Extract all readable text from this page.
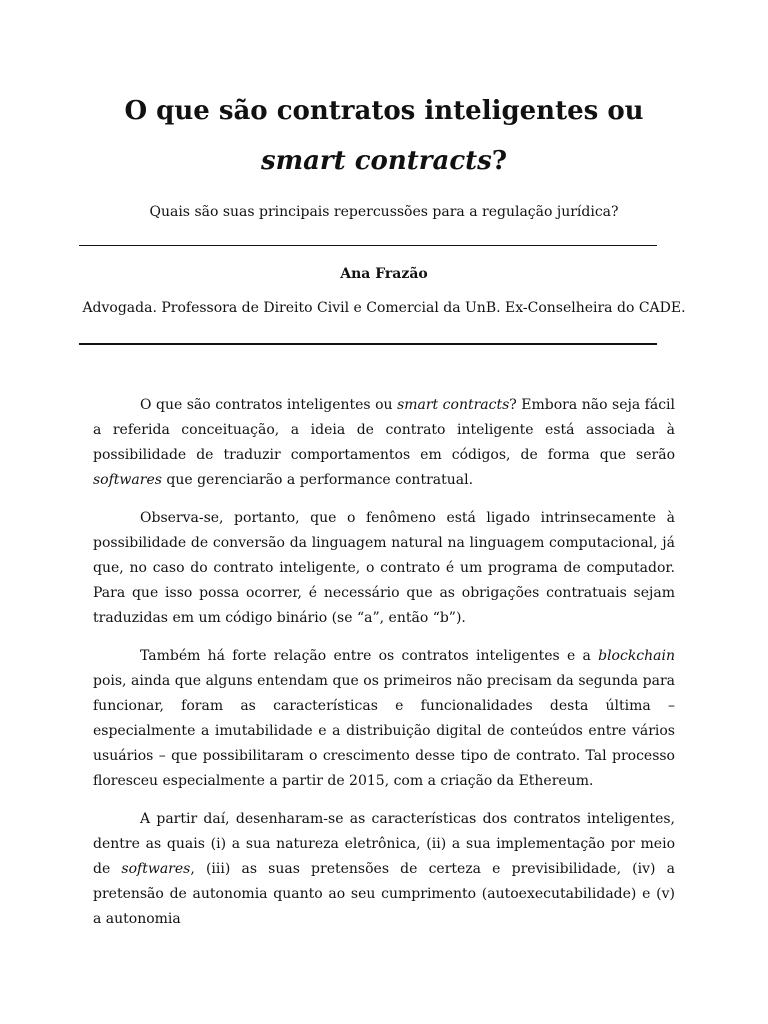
O que são contratos inteligentes ou
smart contracts?

Quais são suas principais repercussões para a regulação jurídica?

Ana Frazão

Advogada. Professora de Direito Civil e Comercial da UnB. Ex-Conselheira do CADE.

O que são contratos inteligentes ou smart contracts? Embora não seja fácil a referida conceituação, a ideia de contrato inteligente está associada à possibilidade de traduzir comportamentos em códigos, de forma que serão softwares que gerenciarão a performance contratual.

Observa-se, portanto, que o fenômeno está ligado intrinsecamente à possibilidade de conversão da linguagem natural na linguagem computacional, já que, no caso do contrato inteligente, o contrato é um programa de computador. Para que isso possa ocorrer, é necessário que as obrigações contratuais sejam traduzidas em um código binário (se “a”, então “b”).

Também há forte relação entre os contratos inteligentes e a blockchain pois, ainda que alguns entendam que os primeiros não precisam da segunda para funcionar, foram as características e funcionalidades desta última – especialmente a imutabilidade e a distribuição digital de conteúdos entre vários usuários – que possibilitaram o crescimento desse tipo de contrato. Tal processo floresceu especialmente a partir de 2015, com a criação da Ethereum.

A partir daí, desenharam-se as características dos contratos inteligentes, dentre as quais (i) a sua natureza eletrônica, (ii) a sua implementação por meio de softwares, (iii) as suas pretensões de certeza e previsibilidade, (iv) a pretensão de autonomia quanto ao seu cumprimento (autoexecutabilidade) e (v) a autonomia
